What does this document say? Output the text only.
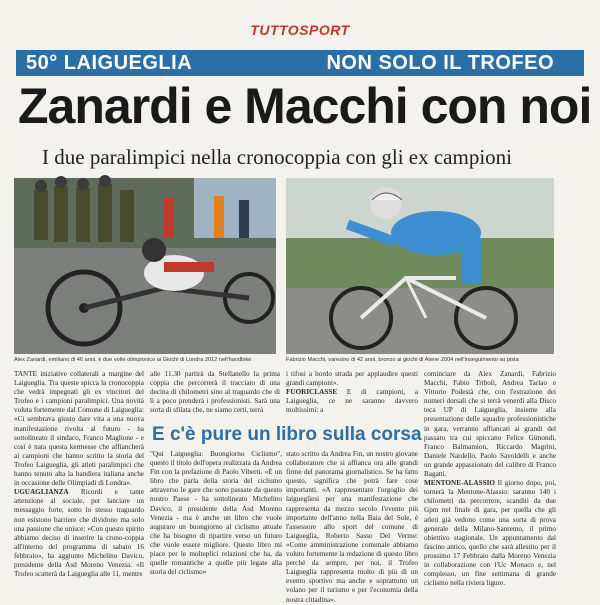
TUTTOSPORT
50° LAIGUEGLIA	NON SOLO IL TROFEO
Zanardi e Macchi con noi
I due paralimpici nella cronocoppia con gli ex campioni
Alex Zanardi, emiliano di 46 anni, è due volte olimpionico ai Giochi di Londra 2012 nell'handbike	Fabrizio Macchi, varesino di 42 anni, bronzo ai giochi di Atene 2004 nell'inseguimento su pista
TANTE iniziative collaterali a margine del Laigueglia. Tra queste spicca la cronocoppia che vedrà impegnati gli ex vincitori del Trofeo e i campioni paralimpici. Una novità voluta fortemente dal Comune di Laigueglia: «Ci sembrava giusto dare vita a una nuova manifestazione rivolta al futuro - ha sottolineato il sindaco, Franco Maglione - e così è nata questa kermesse che affiancherà ai campioni che hanno scritto la storia del Trofeo Laigueglia, gli atleti paralimpici che hanno tenuto alta la bandiera italiana anche in occasione delle Olimpiadi di Londra».
UGUAGLIANZA Ricordi e tante attenzione al sociale, per lanciare un messaggio forte, sotto lo stesso traguardo non esistono barriere che dividono ma solo una passione che unisce: «Con questo spirito abbiamo deciso di inserire la crono-coppia all'interno del programma di sabato 16 febbraio», ha aggiunto Michelino Davico, presidente della Asd Moreno Veneziа. «Il Trofeo scatterà da Laigueglia alle 11, mentre
alle 11.30 partirà da Stellanello la prima coppia che percorrerà il tracciato di una decina di chilometri sino al traguardo che di lì a poco prenderà i professionisti. Sarà una sorta di sfilata che, ne siamo certi, terrà
i tifosi a bordo strada per applaudire questi grandi campioni».
FUORICLASSE E di campioni, a Laigueglia, ce ne saranno davvero moltissimi: a
cominciare da Alex Zanardi, Fabrizio Macchi, Fabio Triboli, Andrea Tarlao e Vittorio Podestà che, con l'estrazione dei numeri dorsali che si terrà venerdì alla Disco teca UP di Laigueglia, insieme alla presentazione delle squadre professionistiche in gara, verranno affiancati ai grandi del passato tra cui spiccano Felice Gimondi, Franco Balmamion, Riccardo Magrini, Daniele Nardello, Paolo Savoldelli e anche un grande appassionato del calibro di Franco Bagatti.
MENTONE-ALASSIO Il giorno dopo, poi, tornerà la Mentone-Alassio: saranno 140 i chilometri da percorrere, scanditi da due Gpm nel finale di gara, per quella che gli atleti già vedono come una sorta di prova generale della Milano-Sanremo, il primo obiettivo stagionale. Un appuntamento dal fascino antico, quello che sarà allestito per il prossimo 17 Febbraio dalla Moreno Veneziа in collaborazione con l'Uc Monaco e, nel complesso, un fine settimana di grande ciclismo nella riviera ligure.
E c'è pure un libro sulla corsa
"Qui Laigueglia: Buongiorno Ciclismo", questo il titolo dell'opera realizzata da Andrea Fin con la prefazione di Paolo Viberti. «È un libro che parla della storia del ciclismo attraverso le gare che sono passate da questo nostro Paese - ha sottolineato Michelino Davico, il presidente della Asd Moreno Veneziа - ma è anche un libro che vuole augurare un buongiorno al ciclismo attuale che ha bisogno di ripartire verso un futuro che vuole essere migliore. Questo libro mi piace per le molteplici relazioni che ha, da quelle romantiche a quelle più legate alla storia del ciclismo»
stato scritto da Andrea Fin, un nostro giovane collaboratore che si affianca ora alle grandi firme del panorama giornalistico. Se ha fatto questo, significa che potrà fare cose importanti. «A rappresentare l'orgoglio dei laiguegliesi per una manifestazione che rappresenta da mezzo secolo l'evento più importante dell'anno nella Baia del Sole, è l'assessore allo sport del comune di Laigueglia, Roberto Sasso Del Verme: «Come amministrazione comunale abbiamo voluto fortemente la redazione di questo libro perché da sempre, per noi, il Trofeo Laigueglia rappresenta molto di più di un evento sportivo ma anche e soprattutto un volano per il turismo e per l'economia della nostra cittadina».
